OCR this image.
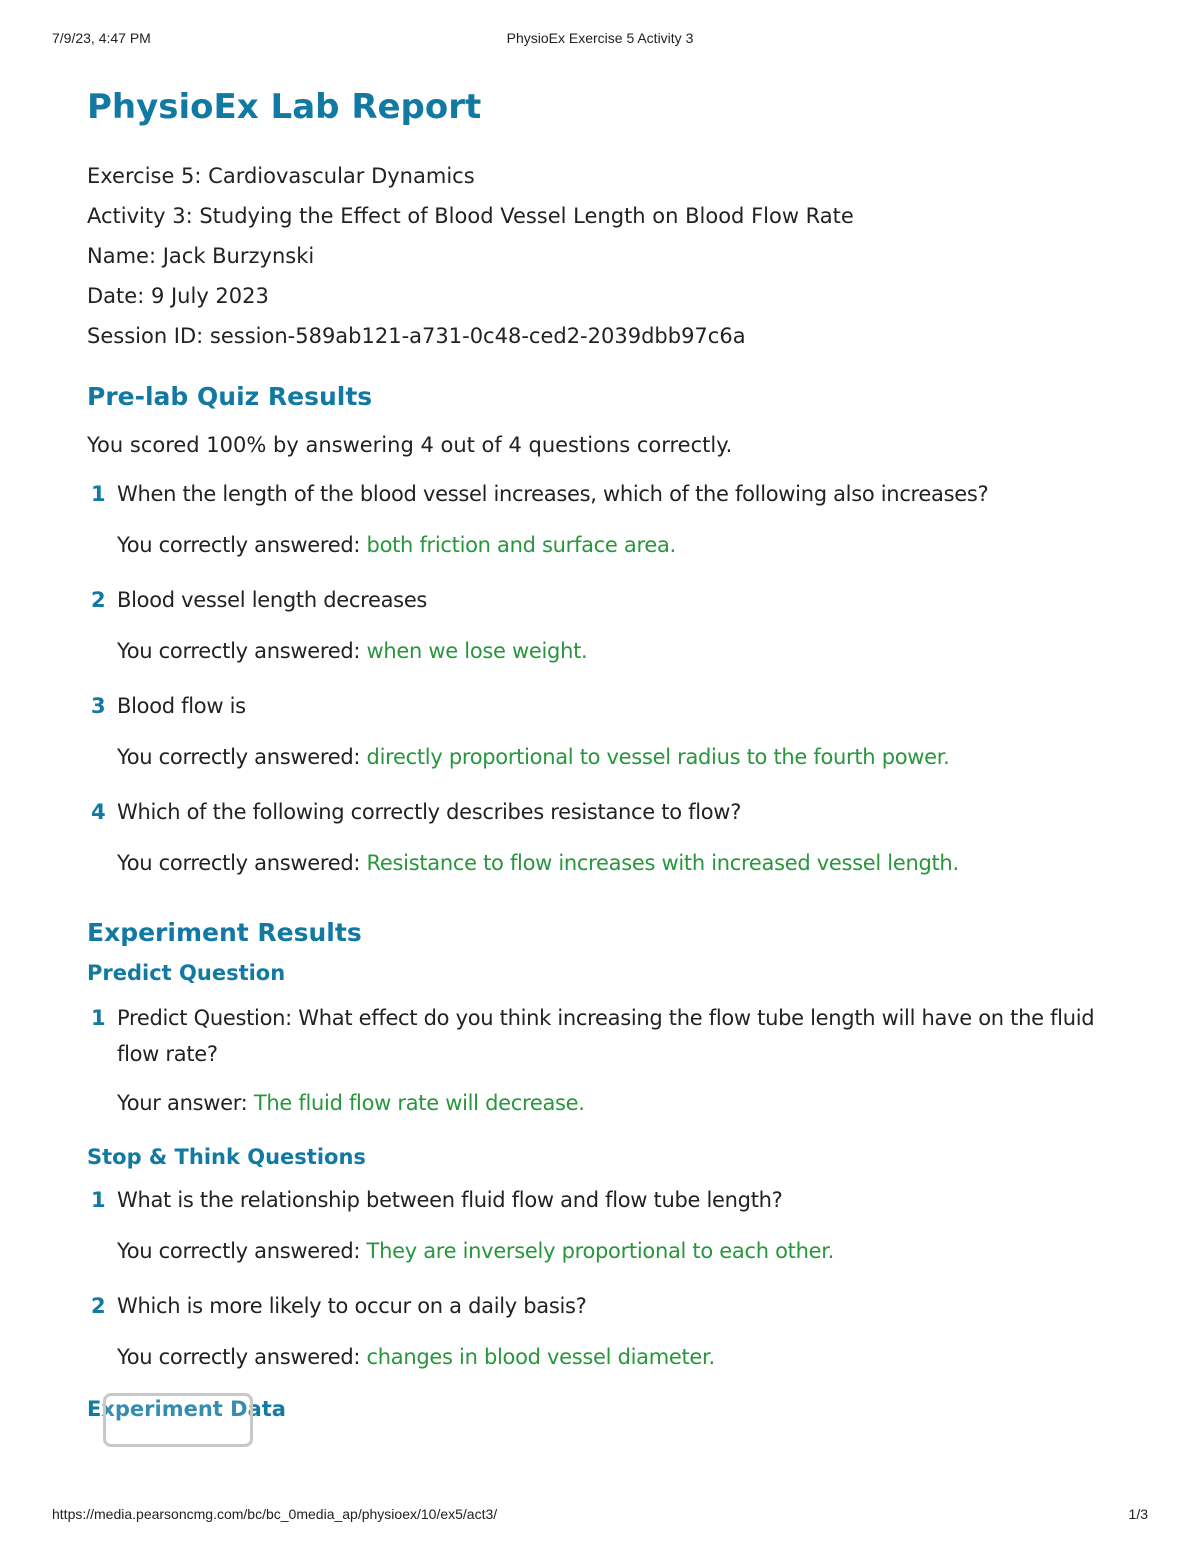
7/9/23, 4:47 PM	PhysioEx Exercise 5 Activity 3
PhysioEx Lab Report
Exercise 5: Cardiovascular Dynamics
Activity 3: Studying the Effect of Blood Vessel Length on Blood Flow Rate
Name: Jack Burzynski
Date: 9 July 2023
Session ID: session-589ab121-a731-0c48-ced2-2039dbb97c6a
Pre-lab Quiz Results
You scored 100% by answering 4 out of 4 questions correctly.
1 When the length of the blood vessel increases, which of the following also increases?
You correctly answered: both friction and surface area.
2 Blood vessel length decreases
You correctly answered: when we lose weight.
3 Blood flow is
You correctly answered: directly proportional to vessel radius to the fourth power.
4 Which of the following correctly describes resistance to flow?
You correctly answered: Resistance to flow increases with increased vessel length.
Experiment Results
Predict Question
1 Predict Question: What effect do you think increasing the flow tube length will have on the fluid flow rate?
Your answer: The fluid flow rate will decrease.
Stop & Think Questions
1 What is the relationship between fluid flow and flow tube length?
You correctly answered: They are inversely proportional to each other.
2 Which is more likely to occur on a daily basis?
You correctly answered: changes in blood vessel diameter.
Experiment Data
https://media.pearsoncmg.com/bc/bc_0media_ap/physioex/10/ex5/act3/	1/3
